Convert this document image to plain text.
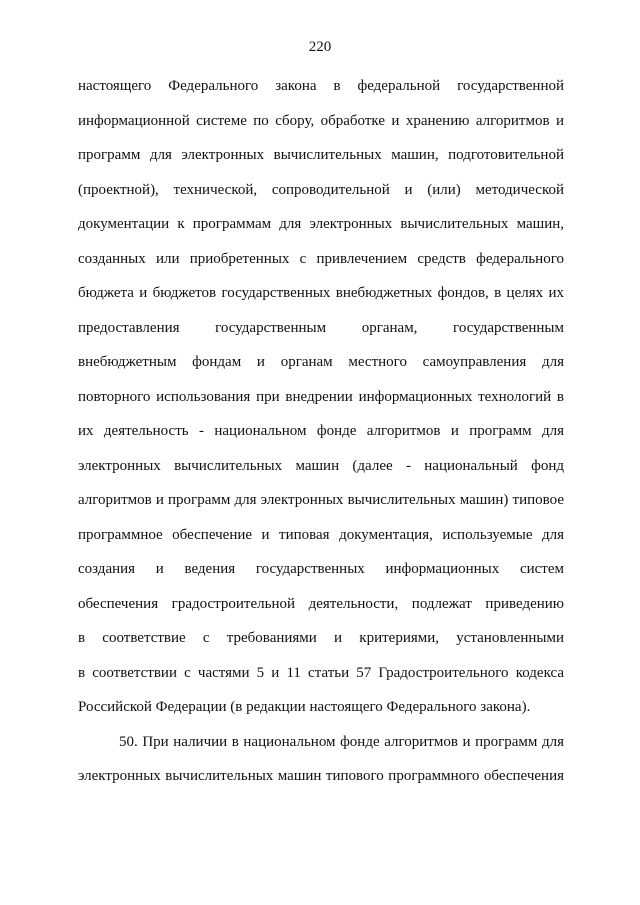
220
настоящего Федерального закона в федеральной государственной
информационной системе по сбору, обработке и хранению алгоритмов и
программ для электронных вычислительных машин, подготовительной
(проектной), технической, сопроводительной и (или) методической
документации к программам для электронных вычислительных машин,
созданных или приобретенных с привлечением средств федерального
бюджета и бюджетов государственных внебюджетных фондов, в целях их
предоставления государственным органам, государственным
внебюджетным фондам и органам местного самоуправления для
повторного использования при внедрении информационных технологий в
их деятельность - национальном фонде алгоритмов и программ для
электронных вычислительных машин (далее - национальный фонд
алгоритмов и программ для электронных вычислительных машин) типовое
программное обеспечение и типовая документация, используемые для
создания и ведения государственных информационных систем
обеспечения градостроительной деятельности, подлежат приведению
в соответствие с требованиями и критериями, установленными
в соответствии с частями 5 и 11 статьи 57 Градостроительного кодекса
Российской Федерации (в редакции настоящего Федерального закона).
50. При наличии в национальном фонде алгоритмов и программ для
электронных вычислительных машин типового программного обеспечения
